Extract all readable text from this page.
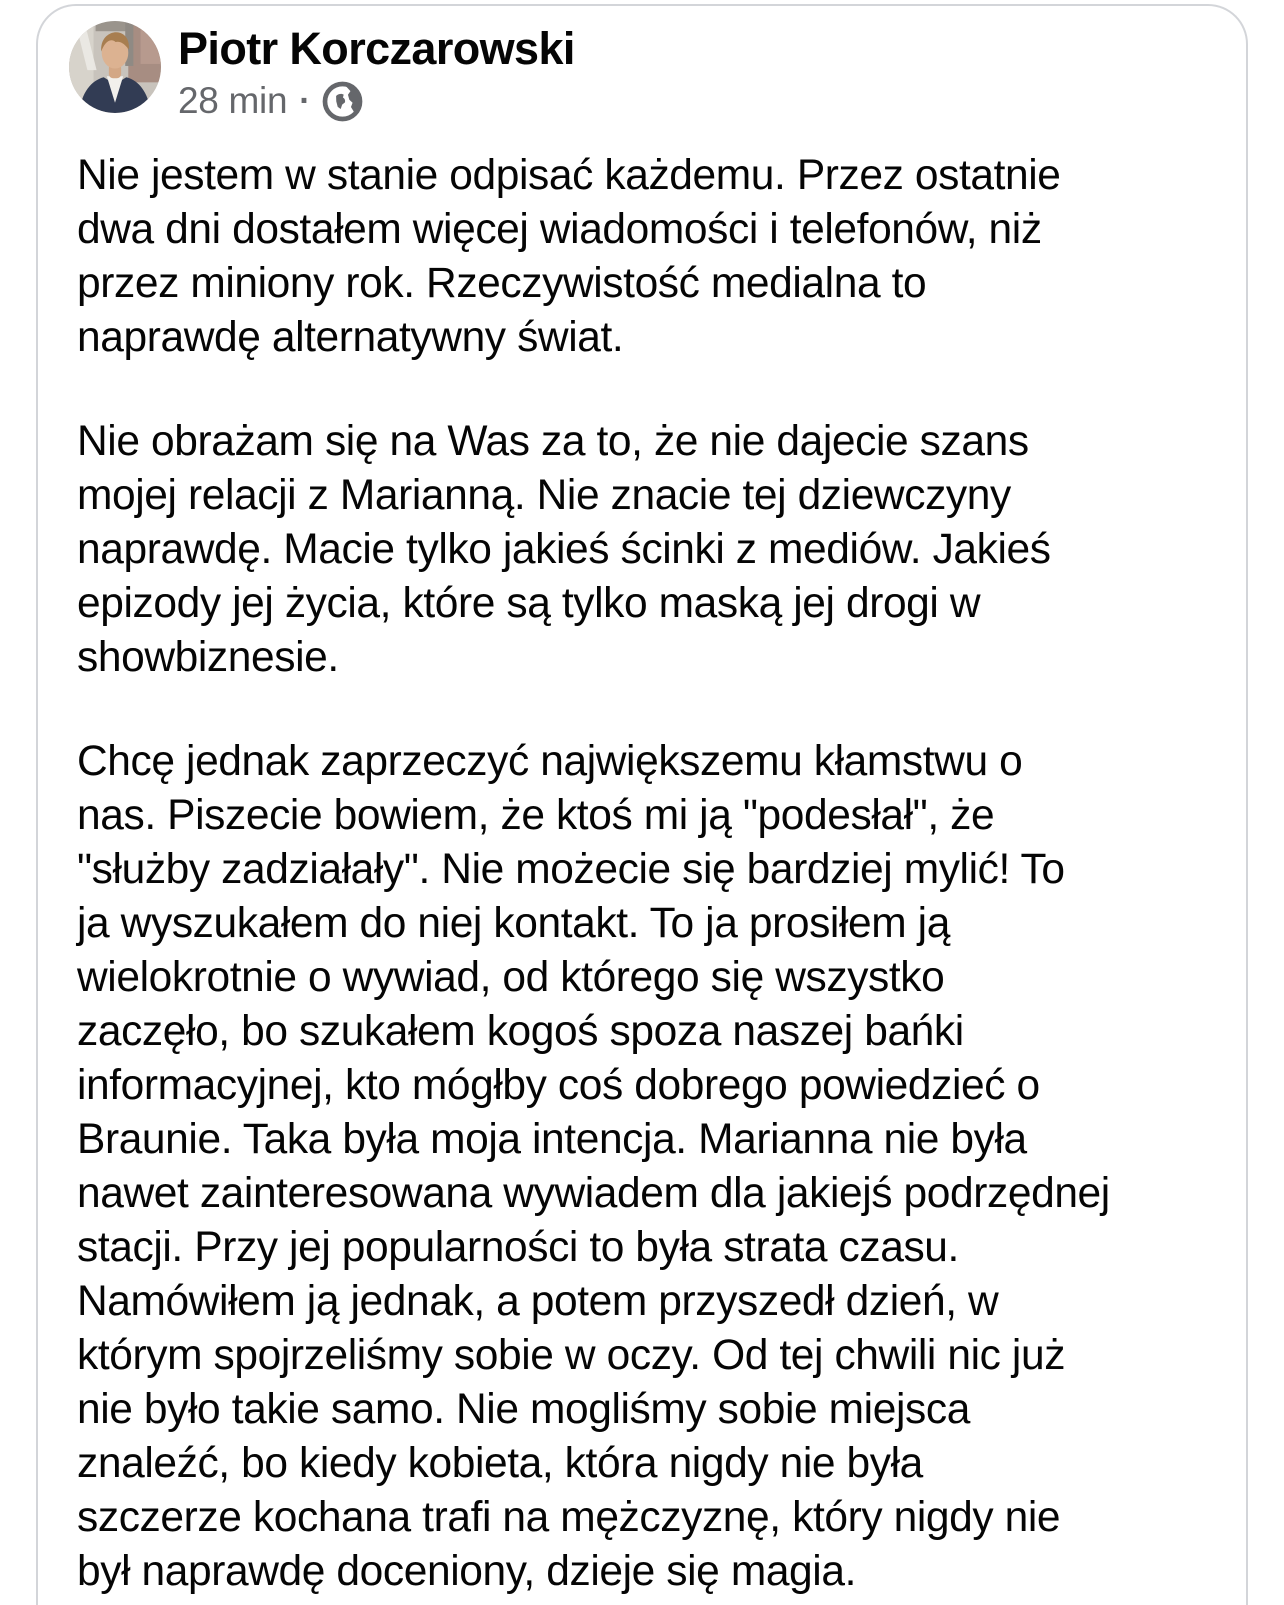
Piotr Korczarowski
28 min ·
Nie jestem w stanie odpisać każdemu. Przez ostatnie
dwa dni dostałem więcej wiadomości i telefonów, niż
przez miniony rok. Rzeczywistość medialna to
naprawdę alternatywny świat.
Nie obrażam się na Was za to, że nie dajecie szans
mojej relacji z Marianną. Nie znacie tej dziewczyny
naprawdę. Macie tylko jakieś ścinki z mediów. Jakieś
epizody jej życia, które są tylko maską jej drogi w
showbiznesie.
Chcę jednak zaprzeczyć największemu kłamstwu o
nas. Piszecie bowiem, że ktoś mi ją "podesłał", że
"służby zadziałały". Nie możecie się bardziej mylić! To
ja wyszukałem do niej kontakt. To ja prosiłem ją
wielokrotnie o wywiad, od którego się wszystko
zaczęło, bo szukałem kogoś spoza naszej bańki
informacyjnej, kto mógłby coś dobrego powiedzieć o
Braunie. Taka była moja intencja. Marianna nie była
nawet zainteresowana wywiadem dla jakiejś podrzędnej
stacji. Przy jej popularności to była strata czasu.
Namówiłem ją jednak, a potem przyszedł dzień, w
którym spojrzeliśmy sobie w oczy. Od tej chwili nic już
nie było takie samo. Nie mogliśmy sobie miejsca
znaleźć, bo kiedy kobieta, która nigdy nie była
szczerze kochana trafi na mężczyznę, który nigdy nie
był naprawdę doceniony, dzieje się magia.
